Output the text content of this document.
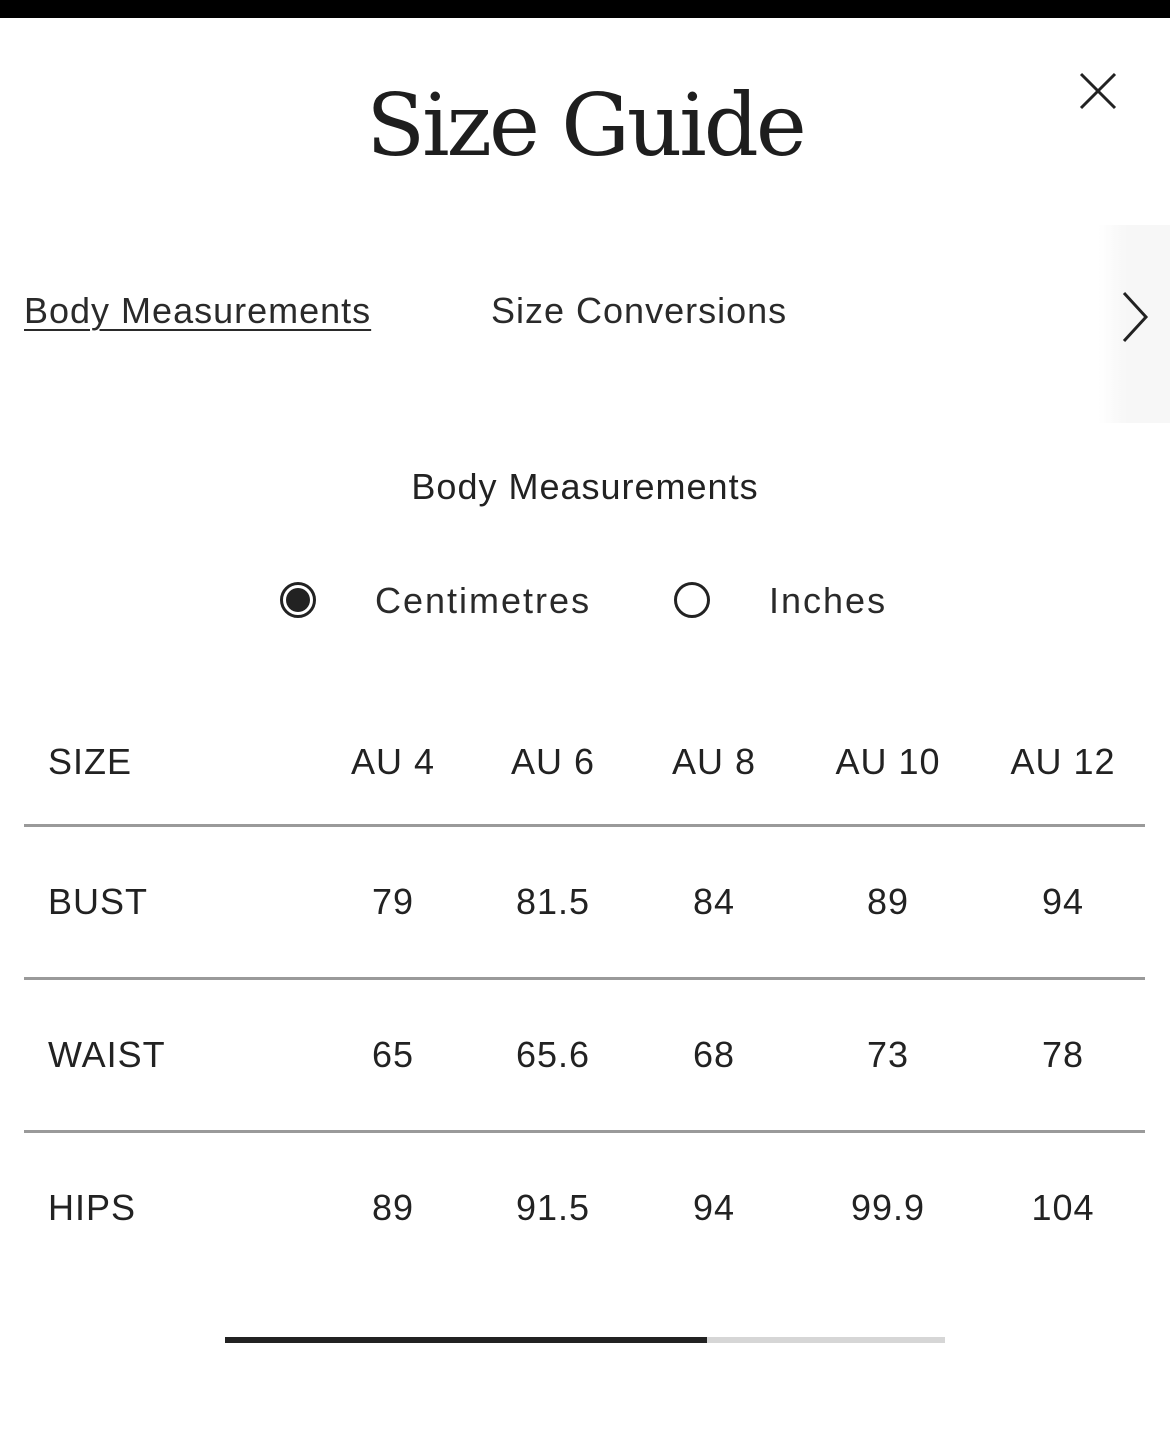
Size Guide
Body Measurements	Size Conversions
Body Measurements
Centimetres	Inches
SIZE	AU 4	AU 6	AU 8	AU 10	AU 12
BUST	79	81.5	84	89	94
WAIST	65	65.6	68	73	78
HIPS	89	91.5	94	99.9	104
